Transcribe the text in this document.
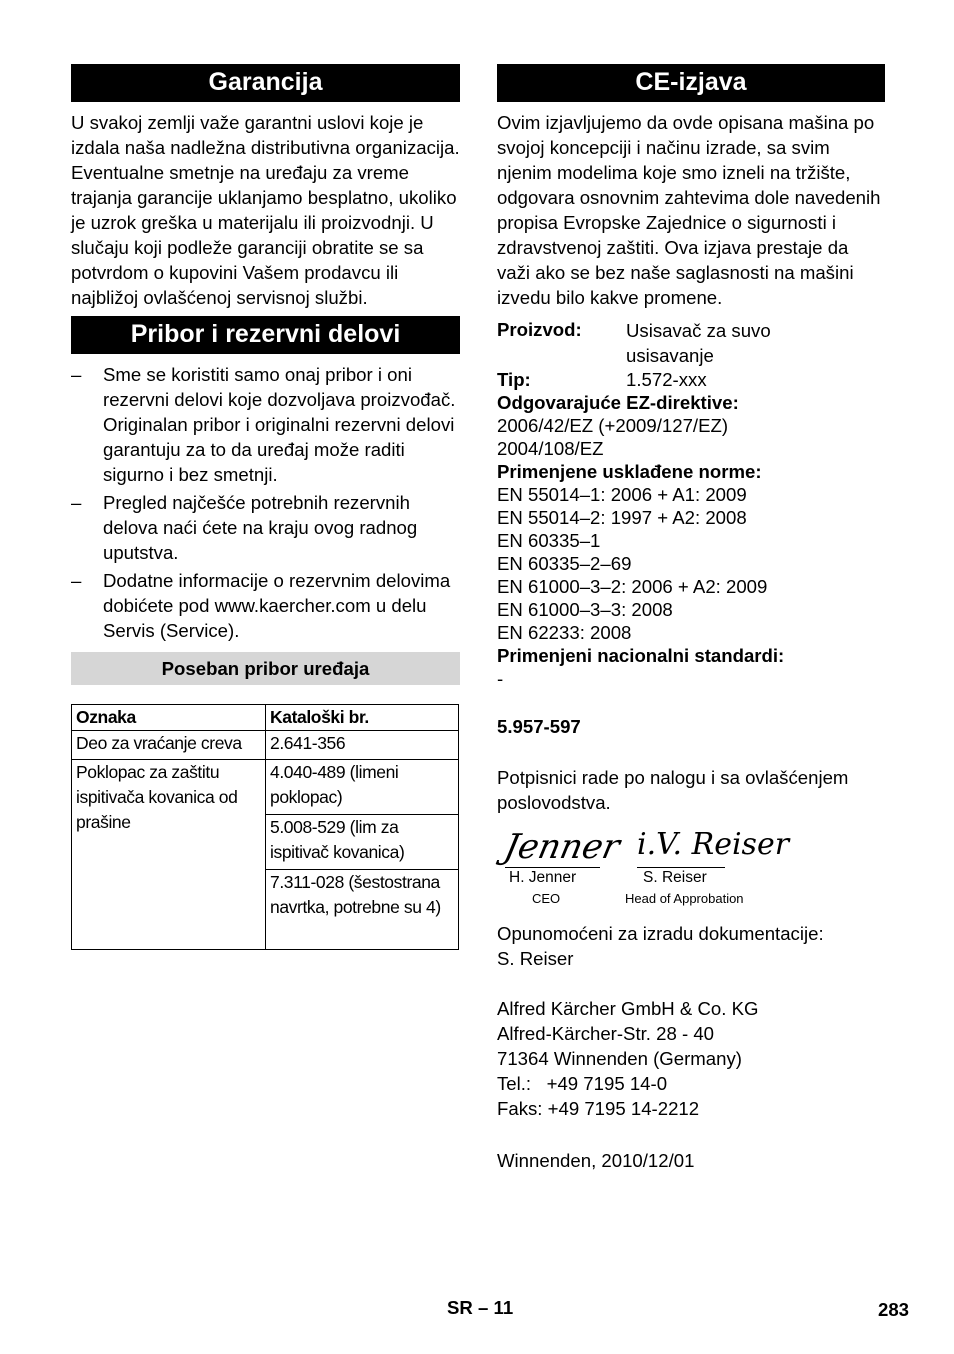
Garancija
U svakoj zemlji važe garantni uslovi koje je izdala naša nadležna distributivna organizacija. Eventualne smetnje na uređaju za vreme trajanja garancije uklanjamo besplatno, ukoliko je uzrok greška u materijalu ili proizvodnji. U slučaju koji podleže garanciji obratite se sa potvrdom o kupovini Vašem prodavcu ili najbližoj ovlašćenoj servisnoj službi.
Pribor i rezervni delovi
– Sme se koristiti samo onaj pribor i oni rezervni delovi koje dozvoljava proizvođač. Originalan pribor i originalni rezervni delovi garantuju za to da uređaj može raditi sigurno i bez smetnji.
– Pregled najčešće potrebnih rezervnih delova naći ćete na kraju ovog radnog uputstva.
– Dodatne informacije o rezervnim delovima dobićete pod www.kaercher.com u delu Servis (Service).
Poseban pribor uređaja
Oznaka	Kataloški br.
Deo za vraćanje creva	2.641-356
Poklopac za zaštitu ispitivača kovanica od prašine	4.040-489 (limeni poklopac)
	5.008-529 (lim za ispitivač kovanica)
	7.311-028 (šestostrana navrtka, potrebne su 4)
CE-izjava
Ovim izjavljujemo da ovde opisana mašina po svojoj koncepciji i načinu izrade, sa svim njenim modelima koje smo izneli na tržište, odgovara osnovnim zahtevima dole navedenih propisa Evropske Zajednice o sigurnosti i zdravstvenoj zaštiti. Ova izjava prestaje da važi ako se bez naše saglasnosti na mašini izvedu bilo kakve promene.
Proizvod:	Usisavač za suvo usisavanje
Tip:	1.572-xxx
Odgovarajuće EZ-direktive:
2006/42/EZ (+2009/127/EZ)
2004/108/EZ
Primenjene usklađene norme:
EN 55014–1: 2006 + A1: 2009
EN 55014–2: 1997 + A2: 2008
EN 60335–1
EN 60335–2–69
EN 61000–3–2: 2006 + A2: 2009
EN 61000–3–3: 2008
EN 62233: 2008
Primenjeni nacionalni standardi:
-
5.957-597
Potpisnici rade po nalogu i sa ovlašćenjem poslovodstva.
Jenner
H. Jenner
CEO
i.V. Reiser
S. Reiser
Head of Approbation
Opunomoćeni za izradu dokumentacije:
S. Reiser
Alfred Kärcher GmbH & Co. KG
Alfred-Kärcher-Str. 28 - 40
71364 Winnenden (Germany)
Tel.:   +49 7195 14-0
Faks: +49 7195 14-2212
Winnenden, 2010/12/01
SR – 11	283
